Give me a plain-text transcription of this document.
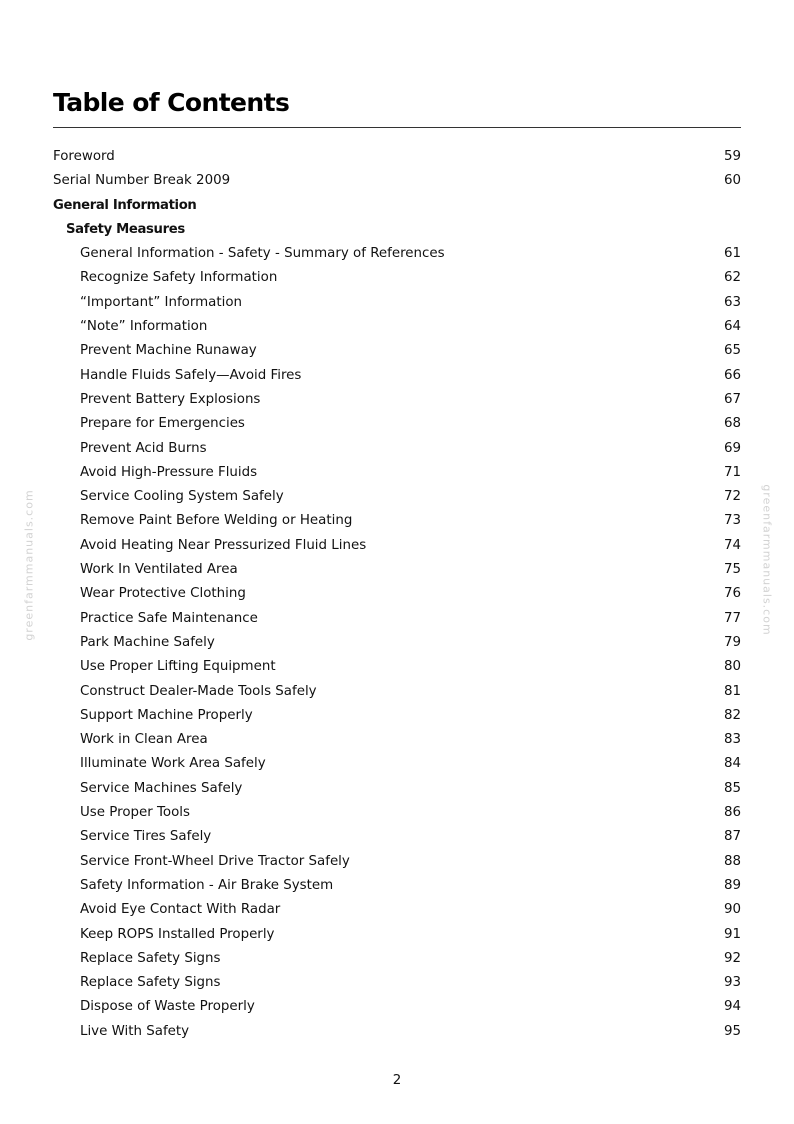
Table of Contents
Foreword	59
Serial Number Break 2009	60
General Information
Safety Measures
General Information - Safety - Summary of References	61
Recognize Safety Information	62
“Important” Information	63
“Note” Information	64
Prevent Machine Runaway	65
Handle Fluids Safely—Avoid Fires	66
Prevent Battery Explosions	67
Prepare for Emergencies	68
Prevent Acid Burns	69
Avoid High-Pressure Fluids	71
Service Cooling System Safely	72
Remove Paint Before Welding or Heating	73
Avoid Heating Near Pressurized Fluid Lines	74
Work In Ventilated Area	75
Wear Protective Clothing	76
Practice Safe Maintenance	77
Park Machine Safely	79
Use Proper Lifting Equipment	80
Construct Dealer-Made Tools Safely	81
Support Machine Properly	82
Work in Clean Area	83
Illuminate Work Area Safely	84
Service Machines Safely	85
Use Proper Tools	86
Service Tires Safely	87
Service Front-Wheel Drive Tractor Safely	88
Safety Information - Air Brake System	89
Avoid Eye Contact With Radar	90
Keep ROPS Installed Properly	91
Replace Safety Signs	92
Replace Safety Signs	93
Dispose of Waste Properly	94
Live With Safety	95
greenfarmmanuals.com	greenfarmmanuals.com
2
